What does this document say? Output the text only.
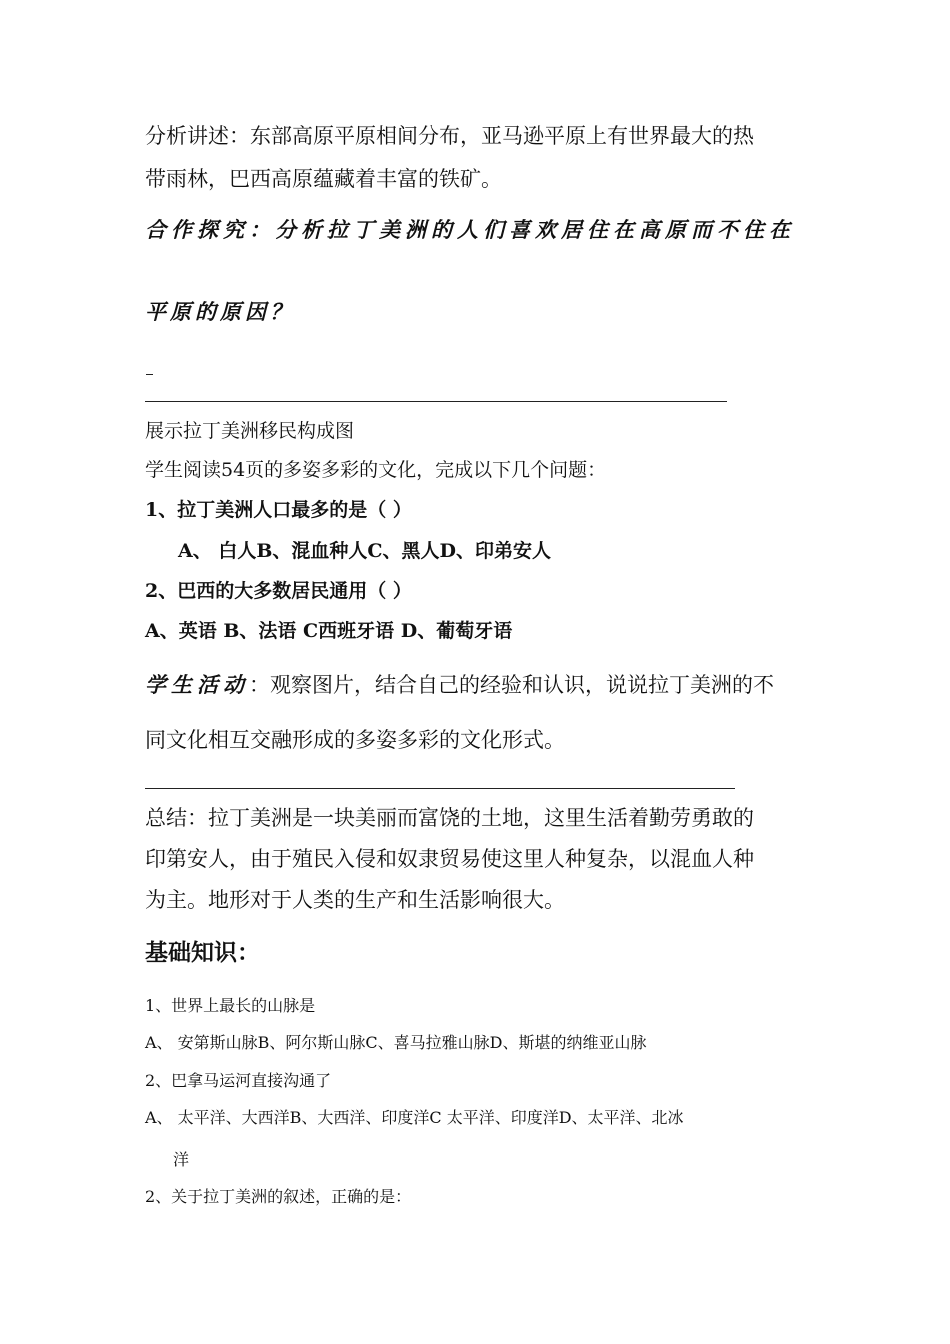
分析讲述：东部高原平原相间分布，亚马逊平原上有世界最大的热
带雨林，巴西高原蕴藏着丰富的铁矿。
合作探究：分析拉丁美洲的人们喜欢居住在高原而不住在
平原的原因？
展示拉丁美洲移民构成图
学生阅读54页的多姿多彩的文化，完成以下几个问题：
1、拉丁美洲人口最多的是（ ）
A、 白人B、混血种人C、黑人D、印弟安人
2、巴西的大多数居民通用（ ）
A、英语 B、法语 C西班牙语 D、葡萄牙语
学生活动：观察图片，结合自己的经验和认识，说说拉丁美洲的不
同文化相互交融形成的多姿多彩的文化形式。
总结：拉丁美洲是一块美丽而富饶的土地，这里生活着勤劳勇敢的
印第安人，由于殖民入侵和奴隶贸易使这里人种复杂，以混血人种
为主。地形对于人类的生产和生活影响很大。
基础知识：
1、世界上最长的山脉是
A、 安第斯山脉B、阿尔斯山脉C、喜马拉雅山脉D、斯堪的纳维亚山脉
2、巴拿马运河直接沟通了
A、 太平洋、大西洋B、大西洋、印度洋C 太平洋、印度洋D、太平洋、北冰
洋
2、关于拉丁美洲的叙述，正确的是：
